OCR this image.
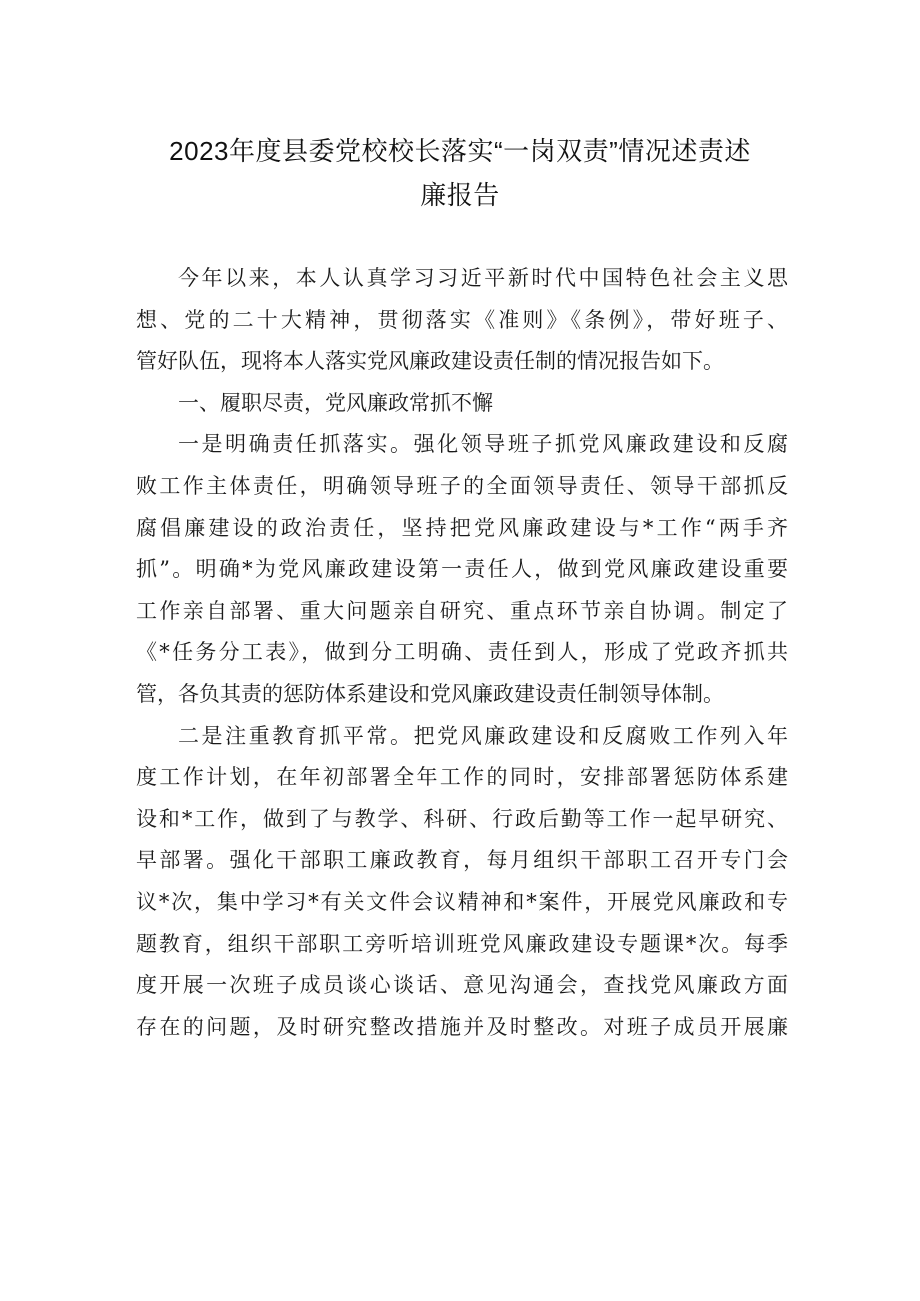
2023年度县委党校校长落实“一岗双责”情况述责述
廉报告
今年以来，本人认真学习习近平新时代中国特色社会主义思
想、党的二十大精神，贯彻落实《准则》《条例》，带好班子、
管好队伍，现将本人落实党风廉政建设责任制的情况报告如下。
一、履职尽责，党风廉政常抓不懈
一是明确责任抓落实。强化领导班子抓党风廉政建设和反腐
败工作主体责任，明确领导班子的全面领导责任、领导干部抓反
腐倡廉建设的政治责任，坚持把党风廉政建设与*工作“两手齐
抓”。明确*为党风廉政建设第一责任人，做到党风廉政建设重要
工作亲自部署、重大问题亲自研究、重点环节亲自协调。制定了
《*任务分工表》，做到分工明确、责任到人，形成了党政齐抓共
管，各负其责的惩防体系建设和党风廉政建设责任制领导体制。
二是注重教育抓平常。把党风廉政建设和反腐败工作列入年
度工作计划，在年初部署全年工作的同时，安排部署惩防体系建
设和*工作，做到了与教学、科研、行政后勤等工作一起早研究、
早部署。强化干部职工廉政教育，每月组织干部职工召开专门会
议*次，集中学习*有关文件会议精神和*案件，开展党风廉政和专
题教育，组织干部职工旁听培训班党风廉政建设专题课*次。每季
度开展一次班子成员谈心谈话、意见沟通会，查找党风廉政方面
存在的问题，及时研究整改措施并及时整改。对班子成员开展廉
